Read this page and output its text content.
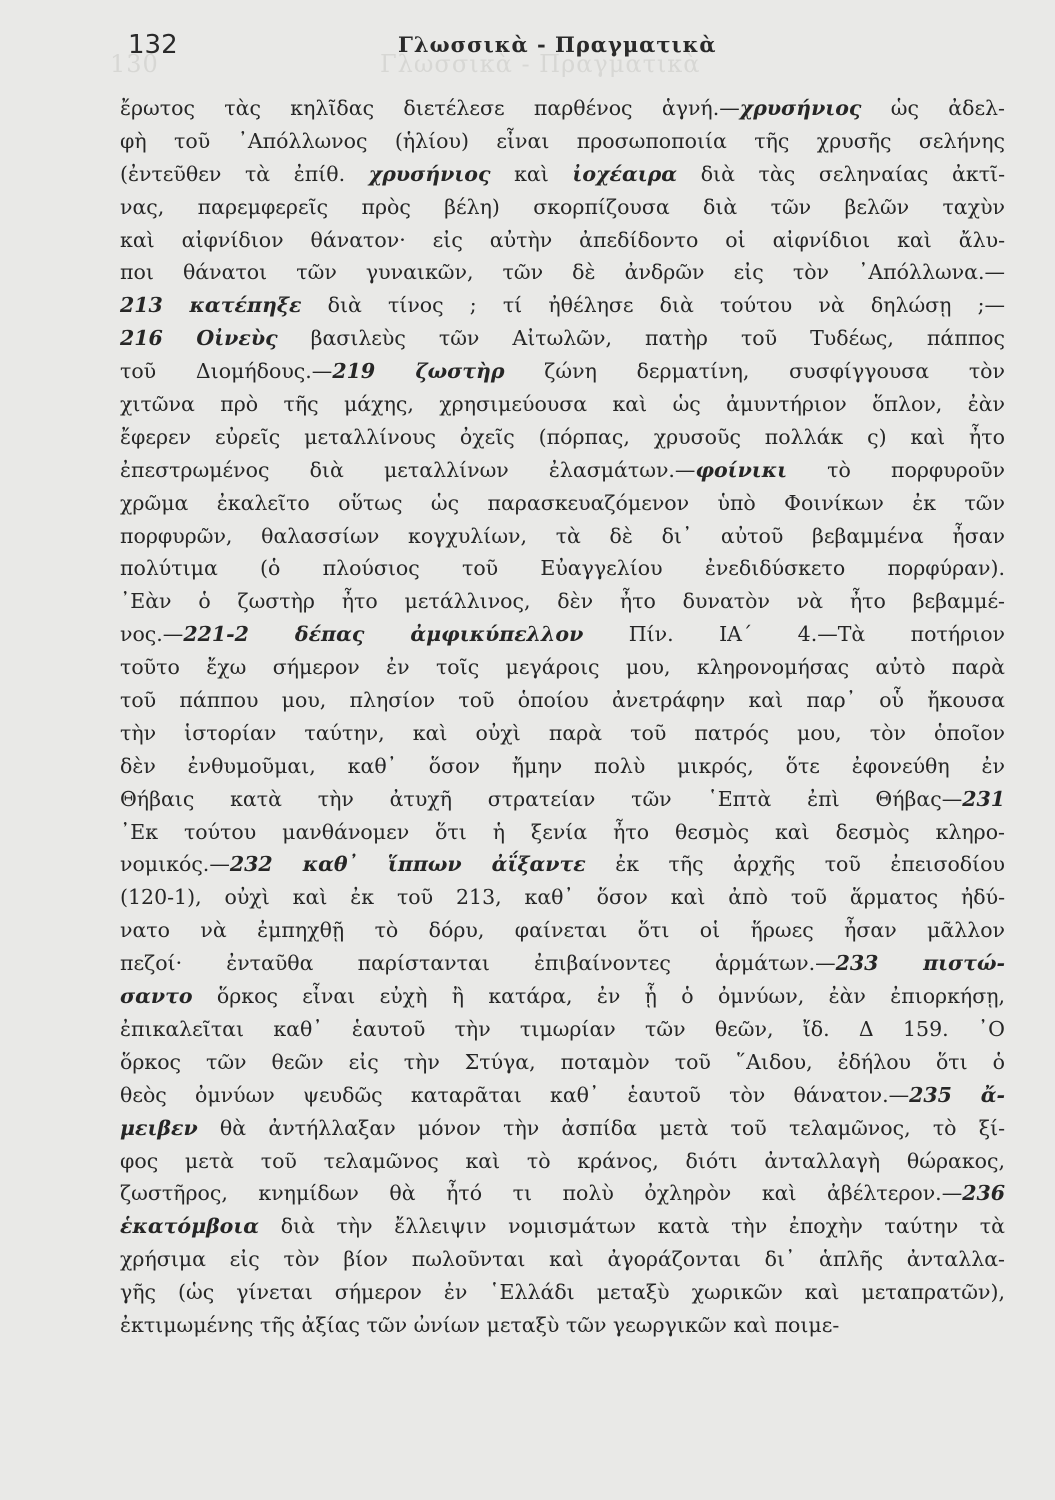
130	Γλωσσικὰ - Πραγματικὰ
132	Γλωσσικὰ - Πραγματικὰ
ἔρωτος τὰς κηλῖδας διετέλεσε παρθένος ἁγνή.—χρυσήνιος ὡς ἀδελ-
φὴ τοῦ ᾿Απόλλωνος (ἡλίου) εἶναι προσωποποιία τῆς χρυσῆς σελήνης
(ἐντεῦθεν τὰ ἐπίθ. χρυσήνιος καὶ ἰοχέαιρα διὰ τὰς σεληναίας ἀκτῖ-
νας, παρεμφερεῖς πρὸς βέλη) σκορπίζουσα διὰ τῶν βελῶν ταχὺν
καὶ αἰφνίδιον θάνατον· εἰς αὐτὴν ἀπεδίδοντο οἱ αἰφνίδιοι καὶ ἄλυ-
ποι θάνατοι τῶν γυναικῶν, τῶν δὲ ἀνδρῶν εἰς τὸν ᾿Απόλλωνα.—
213 κατέπηξε διὰ τίνος ; τί ἠθέλησε διὰ τούτου νὰ δηλώσῃ ;—
216 Οἰνεὺς βασιλεὺς τῶν Αἰτωλῶν, πατὴρ τοῦ Τυδέως, πάππος
τοῦ Διομήδους.—219 ζωστὴρ ζώνη δερματίνη, συσφίγγουσα τὸν
χιτῶνα πρὸ τῆς μάχης, χρησιμεύουσα καὶ ὡς ἀμυντήριον ὅπλον, ἐὰν
ἔφερεν εὐρεῖς μεταλλίνους ὀχεῖς (πόρπας, χρυσοῦς πολλάκ ς) καὶ ἦτο
ἐπεστρωμένος διὰ μεταλλίνων ἐλασμάτων.—φοίνικι τὸ πορφυροῦν
χρῶμα ἐκαλεῖτο οὕτως ὡς παρασκευαζόμενον ὑπὸ Φοινίκων ἐκ τῶν
πορφυρῶν, θαλασσίων κογχυλίων, τὰ δὲ δι᾿ αὐτοῦ βεβαμμένα ἦσαν
πολύτιμα (ὁ πλούσιος τοῦ Εὐαγγελίου ἐνεδιδύσκετο πορφύραν).
᾿Εὰν ὁ ζωστὴρ ἦτο μετάλλινος, δὲν ἦτο δυνατὸν νὰ ἦτο βεβαμμέ-
νος.—221-2 δέπας ἀμφικύπελλον Πίν. ΙΑ΄ 4.—Τὰ ποτήριον
τοῦτο ἔχω σήμερον ἐν τοῖς μεγάροις μου, κληρονομήσας αὐτὸ παρὰ
τοῦ πάππου μου, πλησίον τοῦ ὁποίου ἀνετράφην καὶ παρ᾿ οὗ ἤκουσα
τὴν ἱστορίαν ταύτην, καὶ οὐχὶ παρὰ τοῦ πατρός μου, τὸν ὁποῖον
δὲν ἐνθυμοῦμαι, καθ᾿ ὅσον ἤμην πολὺ μικρός, ὅτε ἐφονεύθη ἐν
Θήβαις κατὰ τὴν ἀτυχῆ στρατείαν τῶν ῾Επτὰ ἐπὶ Θήβας—231
᾿Εκ τούτου μανθάνομεν ὅτι ἡ ξενία ἦτο θεσμὸς καὶ δεσμὸς κληρο-
νομικός.—232 καθ᾿ ἵππων ἀΐξαντε ἐκ τῆς ἀρχῆς τοῦ ἐπεισοδίου
(120-1), οὐχὶ καὶ ἐκ τοῦ 213, καθ᾿ ὅσον καὶ ἀπὸ τοῦ ἅρματος ἠδύ-
νατο νὰ ἐμπηχθῇ τὸ δόρυ, φαίνεται ὅτι οἱ ἥρωες ἦσαν μᾶλλον
πεζοί· ἐνταῦθα παρίστανται ἐπιβαίνοντες ἁρμάτων.—233 πιστώ-
σαντο ὅρκος εἶναι εὐχὴ ἢ κατάρα, ἐν ᾗ ὁ ὀμνύων, ἐὰν ἐπιορκήσῃ,
ἐπικαλεῖται καθ᾿ ἑαυτοῦ τὴν τιμωρίαν τῶν θεῶν, ἴδ. Δ 159. ᾿Ο
ὅρκος τῶν θεῶν εἰς τὴν Στύγα, ποταμὸν τοῦ ῞Αιδου, ἐδήλου ὅτι ὁ
θεὸς ὀμνύων ψευδῶς καταρᾶται καθ᾿ ἑαυτοῦ τὸν θάνατον.—235 ἄ-
μειβεν θὰ ἀντήλλαξαν μόνον τὴν ἀσπίδα μετὰ τοῦ τελαμῶνος, τὸ ξί-
φος μετὰ τοῦ τελαμῶνος καὶ τὸ κράνος, διότι ἀνταλλαγὴ θώρακος,
ζωστῆρος, κνημίδων θὰ ἦτό τι πολὺ ὀχληρὸν καὶ ἀβέλτερον.—236
ἑκατόμβοια διὰ τὴν ἔλλειψιν νομισμάτων κατὰ τὴν ἐποχὴν ταύτην τὰ
χρήσιμα εἰς τὸν βίον πωλοῦνται καὶ ἀγοράζονται δι᾿ ἁπλῆς ἀνταλλα-
γῆς (ὡς γίνεται σήμερον ἐν ῾Ελλάδι μεταξὺ χωρικῶν καὶ μεταπρατῶν),
ἐκτιμωμένης τῆς ἀξίας τῶν ὠνίων μεταξὺ τῶν γεωργικῶν καὶ ποιμε-
